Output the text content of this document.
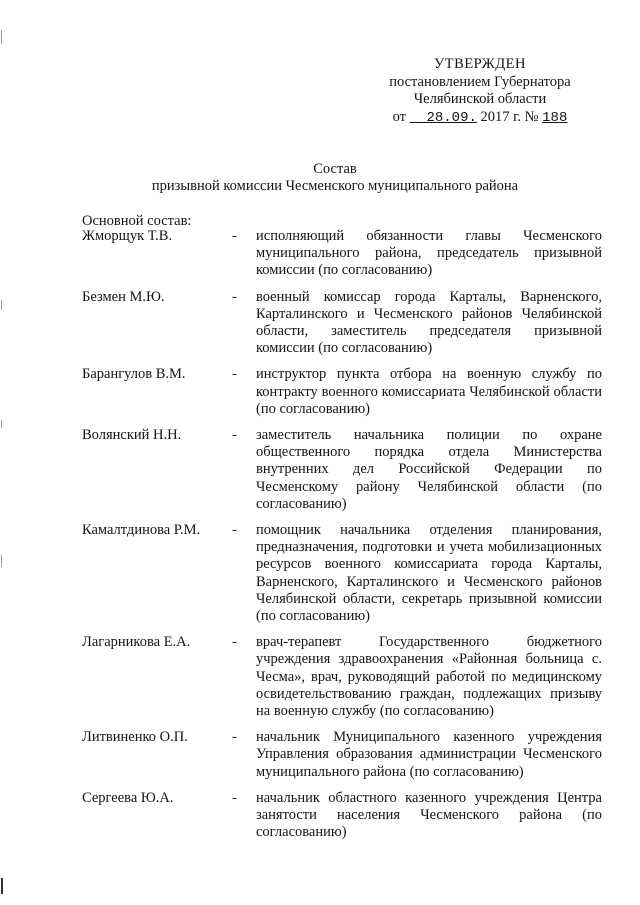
УТВЕРЖДЕН
постановлением Губернатора
Челябинской области
от __28.09. 2017 г. № 188
Состав
призывной комиссии Чесменского муниципального района
Основной состав:
Жморщук Т.В.	-	исполняющий обязанности главы Чесменского муниципального района, председатель призывной комиссии (по согласованию)
Безмен М.Ю.	-	военный комиссар города Карталы, Варненского, Карталинского и Чесменского районов Челябинской области, заместитель председателя призывной комиссии (по согласованию)
Барангулов В.М.	-	инструктор пункта отбора на военную службу по контракту военного комиссариата Челябинской области (по согласованию)
Волянский Н.Н.	-	заместитель начальника полиции по охране общественного порядка отдела Министерства внутренних дел Российской Федерации по Чесменскому району Челябинской области (по согласованию)
Камалтдинова Р.М.	-	помощник начальника отделения планирования, предназначения, подготовки и учета мобилизационных ресурсов военного комиссариата города Карталы, Варненского, Карталинского и Чесменского районов Челябинской области, секретарь призывной комиссии (по согласованию)
Лагарникова Е.А.	-	врач-терапевт Государственного бюджетного учреждения здравоохранения «Районная больница с. Чесма», врач, руководящий работой по медицинскому освидетельствованию граждан, подлежащих призыву на военную службу (по согласованию)
Литвиненко О.П.	-	начальник Муниципального казенного учреждения Управления образования администрации Чесменского муниципального района (по согласованию)
Сергеева Ю.А.	-	начальник областного казенного учреждения Центра занятости населения Чесменского района (по согласованию)
